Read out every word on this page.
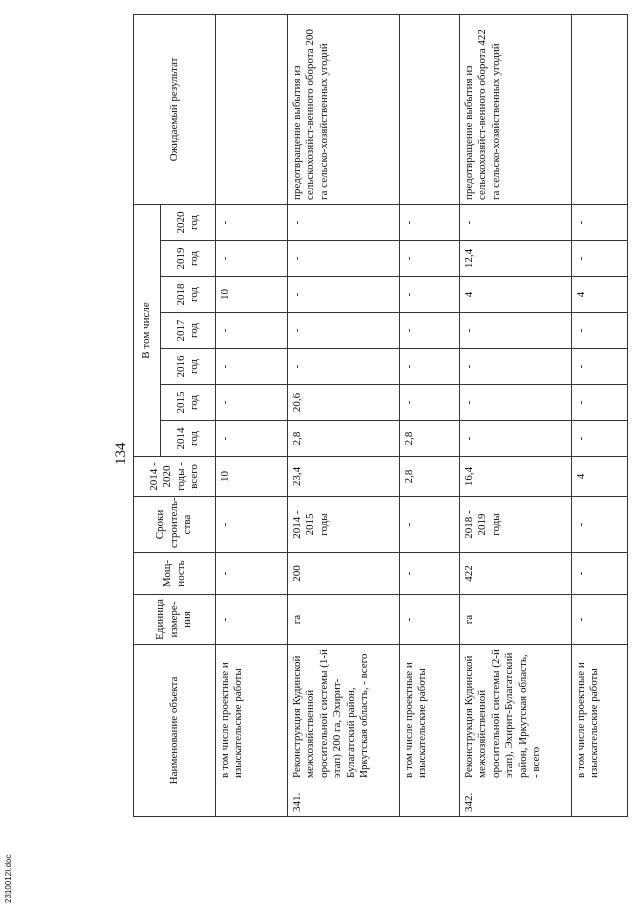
2310012I.doc
134
Наименование объекта	Единица измере-ния	Мощ-ность	Сроки строитель-ства	2014 - 2020 годы - всего	В том числе							Ожидаемый результат
					2014 год	2015 год	2016 год	2017 год	2018 год	2019 год	2020 год	

в том числе проектные и изыскательские работы	-	-	-	10	-	-	-	-	10	-	-	

341.
Реконструкция Кудинской межхозяйственной оросительной системы (1-й этап) 200 га, Эхирит-Булагатский район, Иркутская область, - всего	га	200	2014 - 2015 годы	23,4	2,8	20,6	-	-	-	-	-	предотвращение выбытия из сельскохозяйст-венного оборота 200 га сельско-хозяйственных угодий

в том числе проектные и изыскательские работы	-	-	-	2,8	2,8	-	-	-	-	-	-	

342.
Реконструкция Кудинской межхозяйственной оросительной системы (2-й этап), Эхирит-Булагатский район, Иркутская область, - всего	га	422	2018 - 2019 годы	16,4	-	-	-	-	4	12,4	-	предотвращение выбытия из сельскохозяйст-венного оборота 422 га сельско-хозяйственных угодий

в том числе проектные и изыскательские работы	-	-	-	4	-	-	-	-	4	-	-	
